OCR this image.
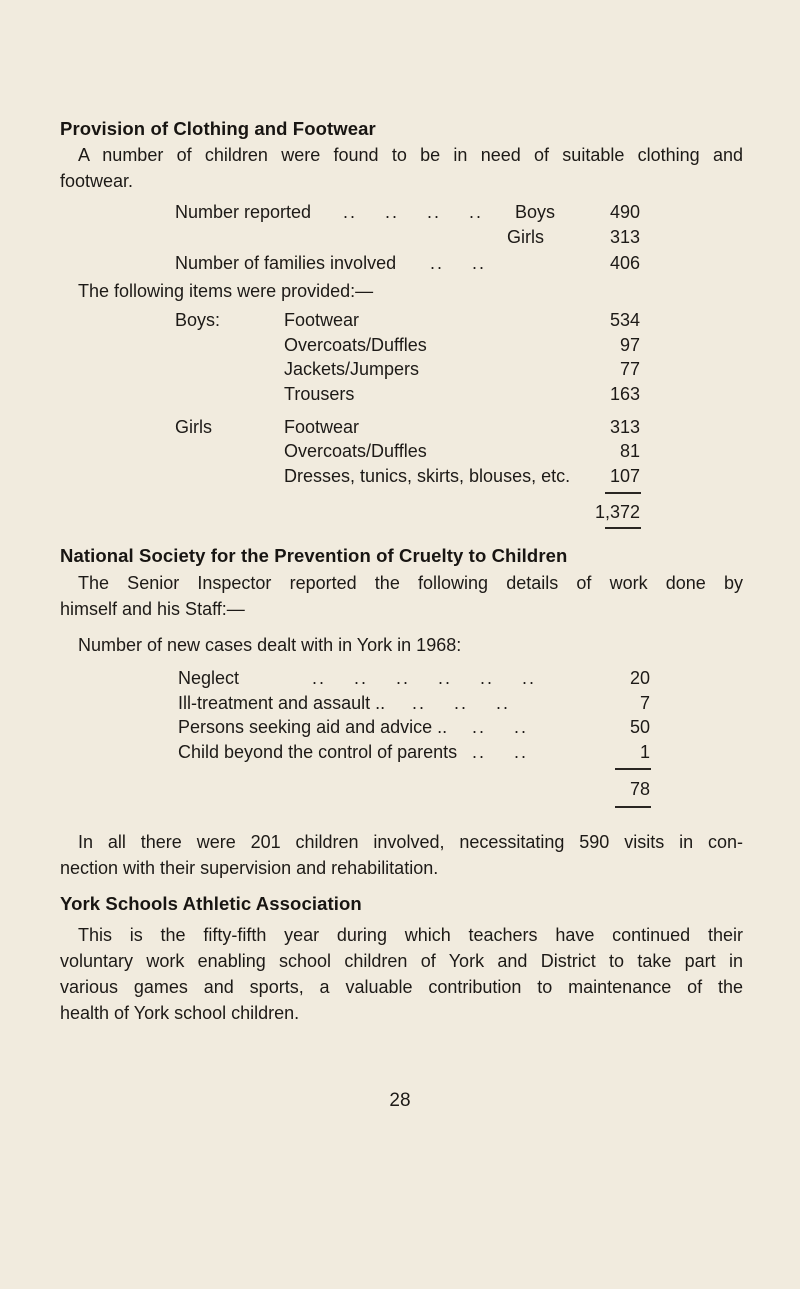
Provision of Clothing and Footwear
A number of children were found to be in need of suitable clothing and
footwear.
Number reported ..    ..    ..    .. Boys	490
Girls	313
Number of families involved ..    ..	406
The following items were provided:—
Boys:	Footwear	534
Overcoats/Duffles	97
Jackets/Jumpers	77
Trousers	163
Girls	Footwear	313
Overcoats/Duffles	81
Dresses, tunics, skirts, blouses, etc.	107
1,372
National Society for the Prevention of Cruelty to Children
The Senior Inspector reported the following details of work done by
himself and his Staff:—
Number of new cases dealt with in York in 1968:
Neglect	..    ..    ..    ..    ..    ..	20
Ill-treatment and assault .. ..    ..    ..	7
Persons seeking aid and advice .. ..    ..	50
Child beyond the control of parents ..    ..	1
78
In all there were 201 children involved, necessitating 590 visits in con-
nection with their supervision and rehabilitation.
York Schools Athletic Association
This is the fifty-fifth year during which teachers have continued their
voluntary work enabling school children of York and District to take part in
various games and sports, a valuable contribution to maintenance of the
health of York school children.
28
